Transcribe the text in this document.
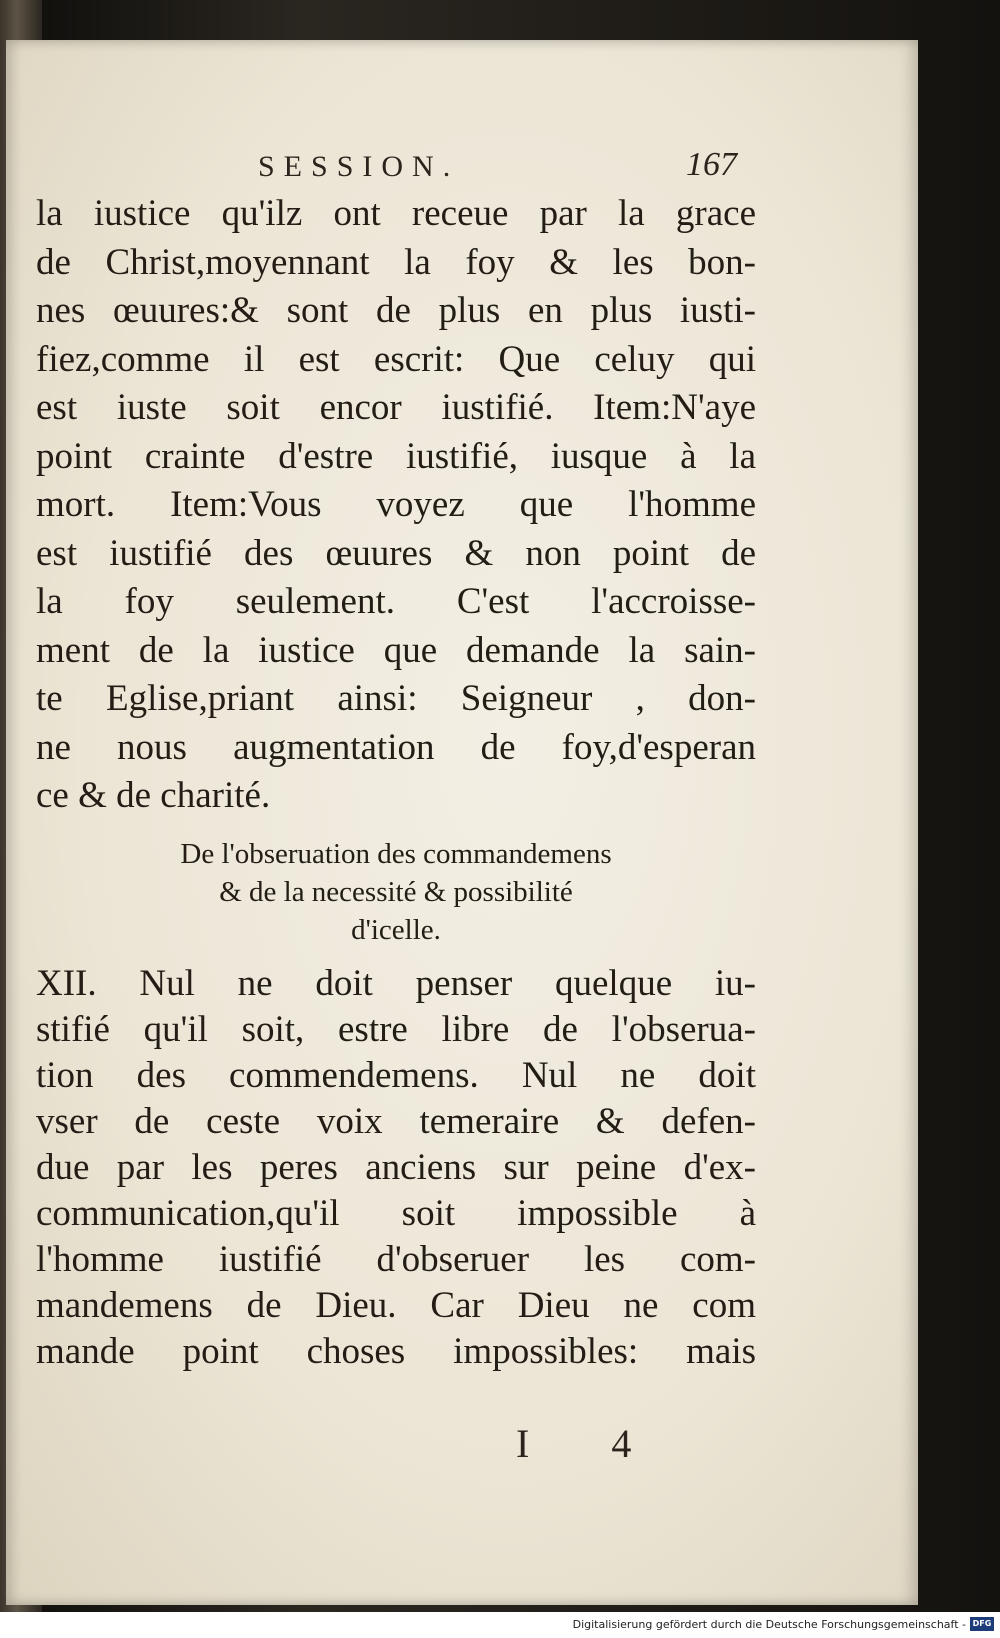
SESSION.	167
la iustice qu'ilz ont receue par la grace
de Christ,moyennant la foy & les bon-
nes œuures:& sont de plus en plus iusti-
fiez,comme il est escrit: Que celuy qui
est iuste soit encor iustifié. Item:N'aye
point crainte d'estre iustifié, iusque à la
mort. Item:Vous voyez que l'homme
est iustifié des œuures & non point de
la foy seulement. C'est l'accroisse-
ment de la iustice que demande la sain-
te Eglise,priant ainsi: Seigneur , don-
ne nous augmentation de foy,d'esperan
ce & de charité.
De l'obseruation des commandemens
& de la necessité & possibilité
d'icelle.
XII. Nul ne doit penser quelque iu-
stifié qu'il soit, estre libre de l'obserua-
tion des commendemens. Nul ne doit
vser de ceste voix temeraire & defen-
due par les peres anciens sur peine d'ex-
communication,qu'il soit impossible à
l'homme iustifié d'obseruer les com-
mandemens de Dieu. Car Dieu ne com
mande point choses impossibles: mais
I 4
Digitalisierung gefördert durch die Deutsche Forschungsgemeinschaft - DFG
